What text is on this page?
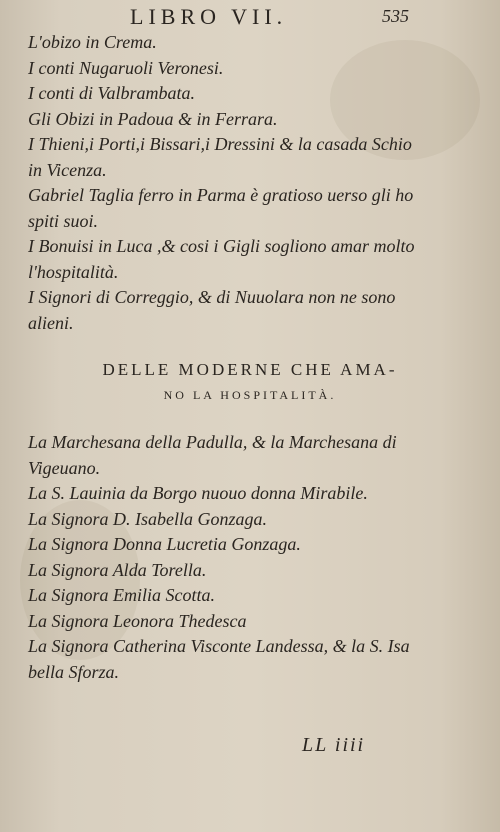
LIBRO VII.	535
L'obizo in Crema.
I conti Nugaruoli Veronesi.
I conti di Valbrambata.
Gli Obizi in Padoua & in Ferrara.
I Thieni,i Porti,i Bissari,i Dressini & la casada Schio
in Vicenza.
Gabriel Taglia ferro in Parma è gratioso uerso gli ho
spiti suoi.
I Bonuisi in Luca ,& cosi i Gigli sogliono amar molto
l'hospitalità.
I Signori di Correggio, & di Nuuolara non ne sono
alieni.
DELLE MODERNE CHE AMA-
NO LA HOSPITALITÀ.
La Marchesana della Padulla, & la Marchesana di
Vigeuano.
La S. Lauinia da Borgo nuouo donna Mirabile.
La Signora D. Isabella Gonzaga.
La Signora Donna Lucretia Gonzaga.
La Signora Alda Torella.
La Signora Emilia Scotta.
La Signora Leonora Thedesca
La Signora Catherina Visconte Landessa, & la S. Isa
bella Sforza.
LL iiii
